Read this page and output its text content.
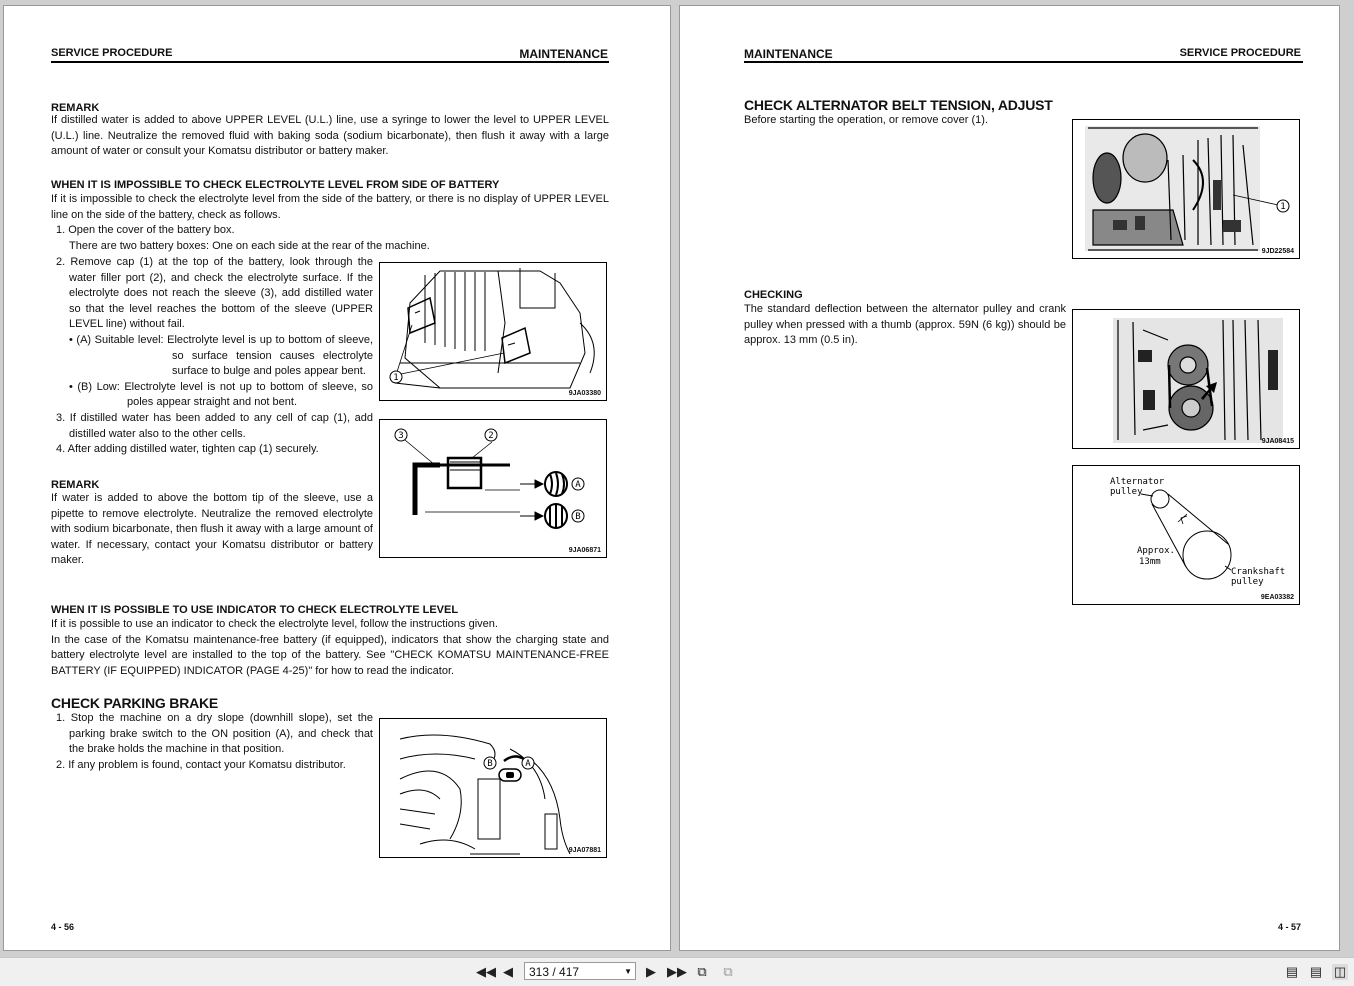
SERVICE PROCEDURE	MAINTENANCE
REMARK
If distilled water is added to above UPPER LEVEL (U.L.) line, use a syringe to lower the level to UPPER LEVEL (U.L.) line. Neutralize the removed fluid with baking soda (sodium bicarbonate), then flush it away with a large amount of water or consult your Komatsu distributor or battery maker.
WHEN IT IS IMPOSSIBLE TO CHECK ELECTROLYTE LEVEL FROM SIDE OF BATTERY
If it is impossible to check the electrolyte level from the side of the battery, or there is no display of UPPER LEVEL line on the side of the battery, check as follows.

1. Open the cover of the battery box.

There are two battery boxes: One on each side at the rear of the machine.

2. Remove cap (1) at the top of the battery, look through the water filler port (2), and check the electrolyte surface. If the electrolyte does not reach the sleeve (3), add distilled water so that the level reaches the bottom of the sleeve (UPPER LEVEL line) without fail.

• (A) Suitable level: Electrolyte level is up to bottom of sleeve, so surface tension causes electrolyte surface to bulge and poles appear bent.

• (B) Low: Electrolyte level is not up to bottom of sleeve, so poles appear straight and not bent.

3. If distilled water has been added to any cell of cap (1), add distilled water also to the other cells.

4. After adding distilled water, tighten cap (1) securely.

REMARK
If water is added to above the bottom tip of the sleeve, use a pipette to remove electrolyte. Neutralize the removed electrolyte with sodium bicarbonate, then flush it away with a large amount of water. If necessary, contact your Komatsu distributor or battery maker.
1
9JA03380
3	2
A
B
9JA06871
WHEN IT IS POSSIBLE TO USE INDICATOR TO CHECK ELECTROLYTE LEVEL

If it is possible to use an indicator to check the electrolyte level, follow the instructions given.

In the case of the Komatsu maintenance-free battery (if equipped), indicators that show the charging state and battery electrolyte level are installed to the top of the battery. See "CHECK KOMATSU MAINTENANCE-FREE BATTERY (IF EQUIPPED) INDICATOR (PAGE 4-25)" for how to read the indicator.

CHECK PARKING BRAKE

1. Stop the machine on a dry slope (downhill slope), set the parking brake switch to the ON position (A), and check that the brake holds the machine in that position.

2. If any problem is found, contact your Komatsu distributor.	B	A
9JA07881
4 - 56
MAINTENANCE	SERVICE PROCEDURE
CHECK ALTERNATOR BELT TENSION, ADJUST
Before starting the operation, or remove cover (1).
CHECKING
The standard deflection between the alternator pulley and crank pulley when pressed with a thumb (approx. 59N (6 kg)) should be approx. 13 mm (0.5 in).
1
9JD22584
9JA08415
Alternator
pulley
Approx.
13mm
Crankshaft
pulley
9EA03382
4 - 57
◀◀ ◀	313 / 417	▼ ▶ ▶▶ ⧉ ⧉	▤ ▤ ◫
